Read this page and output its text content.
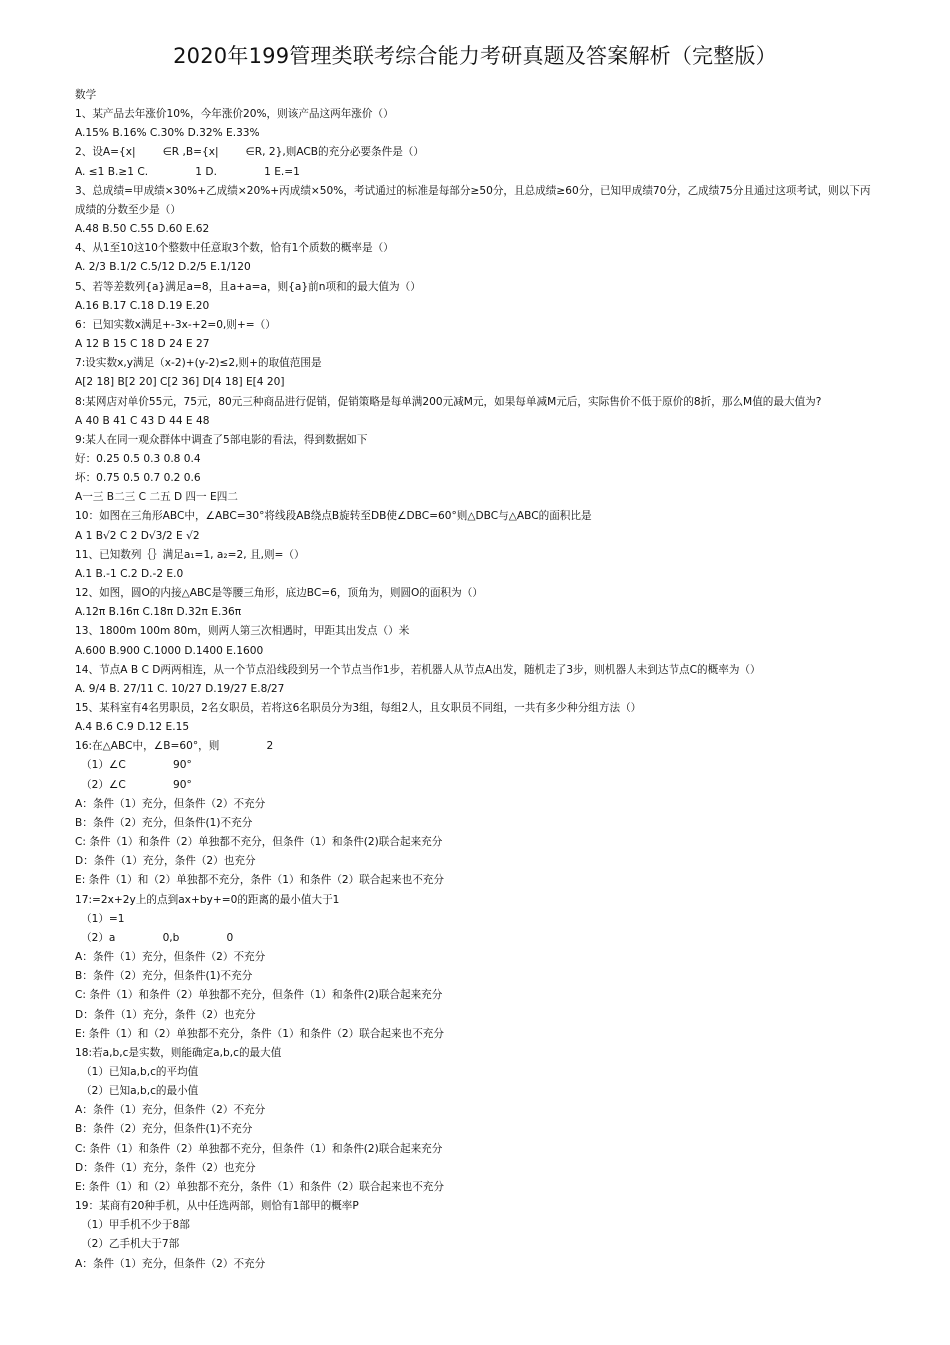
2020年199管理类联考综合能力考研真题及答案解析（完整版）
数学
1、某产品去年涨价10%，今年涨价20%，则该产品这两年涨价（）
A.15% B.16% C.30% D.32% E.33%
2、设A={x|        ∈R ,B={x|        ∈R, 2},则ACB的充分必要条件是（）
A. ≤1 B.≥1 C.              1 D.              1 E.=1
3、总成绩=甲成绩×30%+乙成绩×20%+丙成绩×50%，考试通过的标准是每部分≥50分，且总成绩≥60分，已知甲成绩70分，乙成绩75分且通过这项考试，则以下丙成绩的分数至少是（）
A.48 B.50 C.55 D.60 E.62
4、从1至10这10个整数中任意取3个数，恰有1个质数的概率是（）
A. 2/3 B.1/2 C.5/12 D.2/5 E.1/120
5、若等差数列{a}满足a=8，且a+a=a，则{a}前n项和的最大值为（）
A.16 B.17 C.18 D.19 E.20
6：已知实数x满足+-3x-+2=0,则+=（）
A 12 B 15 C 18 D 24 E 27
7:设实数x,y满足（x-2)+(y-2)≤2,则+的取值范围是
A[2 18] B[2 20] C[2 36] D[4 18] E[4 20]
8:某网店对单价55元，75元，80元三种商品进行促销，促销策略是每单满200元减M元，如果每单减M元后，实际售价不低于原价的8折，那么M值的最大值为?
A 40 B 41 C 43 D 44 E 48
9:某人在同一观众群体中调查了5部电影的看法，得到数据如下
好：0.25 0.5 0.3 0.8 0.4
坏：0.75 0.5 0.7 0.2 0.6
A一三 B二三 C 二五 D 四一 E四二
10：如图在三角形ABC中，∠ABC=30°将线段AB绕点B旋转至DB使∠DBC=60°则△DBC与△ABC的面积比是
A 1 B√2 C 2 D√3/2 E √2
11、已知数列｛｝满足a₁=1, a₂=2, 且,则=（）
A.1 B.-1 C.2 D.-2 E.0
12、如图，圆O的内接△ABC是等腰三角形，底边BC=6，顶角为，则圆O的面积为（）
A.12π B.16π C.18π D.32π E.36π
13、1800m 100m 80m，则两人第三次相遇时，甲距其出发点（）米
A.600 B.900 C.1000 D.1400 E.1600
14、节点A B C D两两相连，从一个节点沿线段到另一个节点当作1步，若机器人从节点A出发，随机走了3步，则机器人未到达节点C的概率为（）
A. 9/4 B. 27/11 C. 10/27 D.19/27 E.8/27
15、某科室有4名男职员，2名女职员，若将这6名职员分为3组，每组2人，且女职员不同组，一共有多少种分组方法（）
A.4 B.6 C.9 D.12 E.15
16:在△ABC中，∠B=60°，则              2
（1）∠C              90°
（2）∠C              90°
A：条件（1）充分，但条件（2）不充分
B：条件（2）充分，但条件(1)不充分
C: 条件（1）和条件（2）单独都不充分，但条件（1）和条件(2)联合起来充分
D：条件（1）充分，条件（2）也充分
E: 条件（1）和（2）单独都不充分，条件（1）和条件（2）联合起来也不充分
17:=2x+2y上的点到ax+by+=0的距离的最小值大于1
（1）=1
（2）a              0,b              0
A：条件（1）充分，但条件（2）不充分
B：条件（2）充分，但条件(1)不充分
C: 条件（1）和条件（2）单独都不充分，但条件（1）和条件(2)联合起来充分
D：条件（1）充分，条件（2）也充分
E: 条件（1）和（2）单独都不充分，条件（1）和条件（2）联合起来也不充分
18:若a,b,c是实数，则能确定a,b,c的最大值
（1）已知a,b,c的平均值
（2）已知a,b,c的最小值
A：条件（1）充分，但条件（2）不充分
B：条件（2）充分，但条件(1)不充分
C: 条件（1）和条件（2）单独都不充分，但条件（1）和条件(2)联合起来充分
D：条件（1）充分，条件（2）也充分
E: 条件（1）和（2）单独都不充分，条件（1）和条件（2）联合起来也不充分
19：某商有20种手机，从中任选两部，则恰有1部甲的概率P
（1）甲手机不少于8部
（2）乙手机大于7部
A：条件（1）充分，但条件（2）不充分
